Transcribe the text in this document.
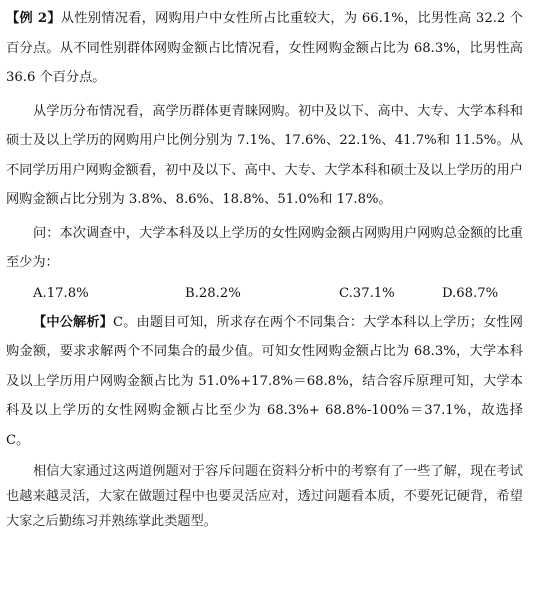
【例 2】从性别情况看，网购用户中女性所占比重较大，为 66.1%，比男性高 32.2 个百分点。从不同性别群体网购金额占比情况看，女性网购金额占比为 68.3%，比男性高 36.6 个百分点。

从学历分布情况看，高学历群体更青睐网购。初中及以下、高中、大专、大学本科和硕士及以上学历的网购用户比例分别为 7.1%、17.6%、22.1%、41.7%和 11.5%。从不同学历用户网购金额看，初中及以下、高中、大专、大学本科和硕士及以上学历的用户网购金额占比分别为 3.8%、8.6%、18.8%、51.0%和 17.8%。

问：本次调查中，大学本科及以上学历的女性网购金额占网购用户网购总金额的比重至少为：

A.17.8%	B.28.2%	C.37.1%	D.68.7%

【中公解析】C。由题目可知，所求存在两个不同集合：大学本科以上学历；女性网购金额，要求求解两个不同集合的最少值。可知女性网购金额占比为 68.3%，大学本科及以上学历用户网购金额占比为 51.0%+17.8%＝68.8%，结合容斥原理可知，大学本科及以上学历的女性网购金额占比至少为 68.3%+ 68.8%-100%＝37.1%，故选择 C。

相信大家通过这两道例题对于容斥问题在资料分析中的考察有了一些了解，现在考试也越来越灵活，大家在做题过程中也要灵活应对，透过问题看本质，不要死记硬背，希望大家之后勤练习并熟练掌此类题型。
